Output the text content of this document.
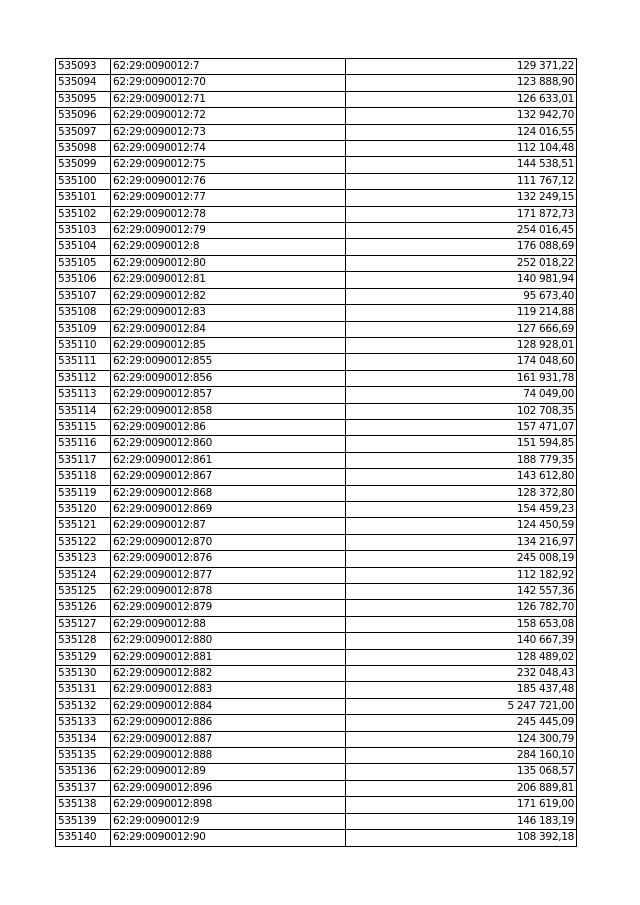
535093	62:29:0090012:7	129 371,22
535094	62:29:0090012:70	123 888,90
535095	62:29:0090012:71	126 633,01
535096	62:29:0090012:72	132 942,70
535097	62:29:0090012:73	124 016,55
535098	62:29:0090012:74	112 104,48
535099	62:29:0090012:75	144 538,51
535100	62:29:0090012:76	111 767,12
535101	62:29:0090012:77	132 249,15
535102	62:29:0090012:78	171 872,73
535103	62:29:0090012:79	254 016,45
535104	62:29:0090012:8	176 088,69
535105	62:29:0090012:80	252 018,22
535106	62:29:0090012:81	140 981,94
535107	62:29:0090012:82	95 673,40
535108	62:29:0090012:83	119 214,88
535109	62:29:0090012:84	127 666,69
535110	62:29:0090012:85	128 928,01
535111	62:29:0090012:855	174 048,60
535112	62:29:0090012:856	161 931,78
535113	62:29:0090012:857	74 049,00
535114	62:29:0090012:858	102 708,35
535115	62:29:0090012:86	157 471,07
535116	62:29:0090012:860	151 594,85
535117	62:29:0090012:861	188 779,35
535118	62:29:0090012:867	143 612,80
535119	62:29:0090012:868	128 372,80
535120	62:29:0090012:869	154 459,23
535121	62:29:0090012:87	124 450,59
535122	62:29:0090012:870	134 216,97
535123	62:29:0090012:876	245 008,19
535124	62:29:0090012:877	112 182,92
535125	62:29:0090012:878	142 557,36
535126	62:29:0090012:879	126 782,70
535127	62:29:0090012:88	158 653,08
535128	62:29:0090012:880	140 667,39
535129	62:29:0090012:881	128 489,02
535130	62:29:0090012:882	232 048,43
535131	62:29:0090012:883	185 437,48
535132	62:29:0090012:884	5 247 721,00
535133	62:29:0090012:886	245 445,09
535134	62:29:0090012:887	124 300,79
535135	62:29:0090012:888	284 160,10
535136	62:29:0090012:89	135 068,57
535137	62:29:0090012:896	206 889,81
535138	62:29:0090012:898	171 619,00
535139	62:29:0090012:9	146 183,19
535140	62:29:0090012:90	108 392,18
